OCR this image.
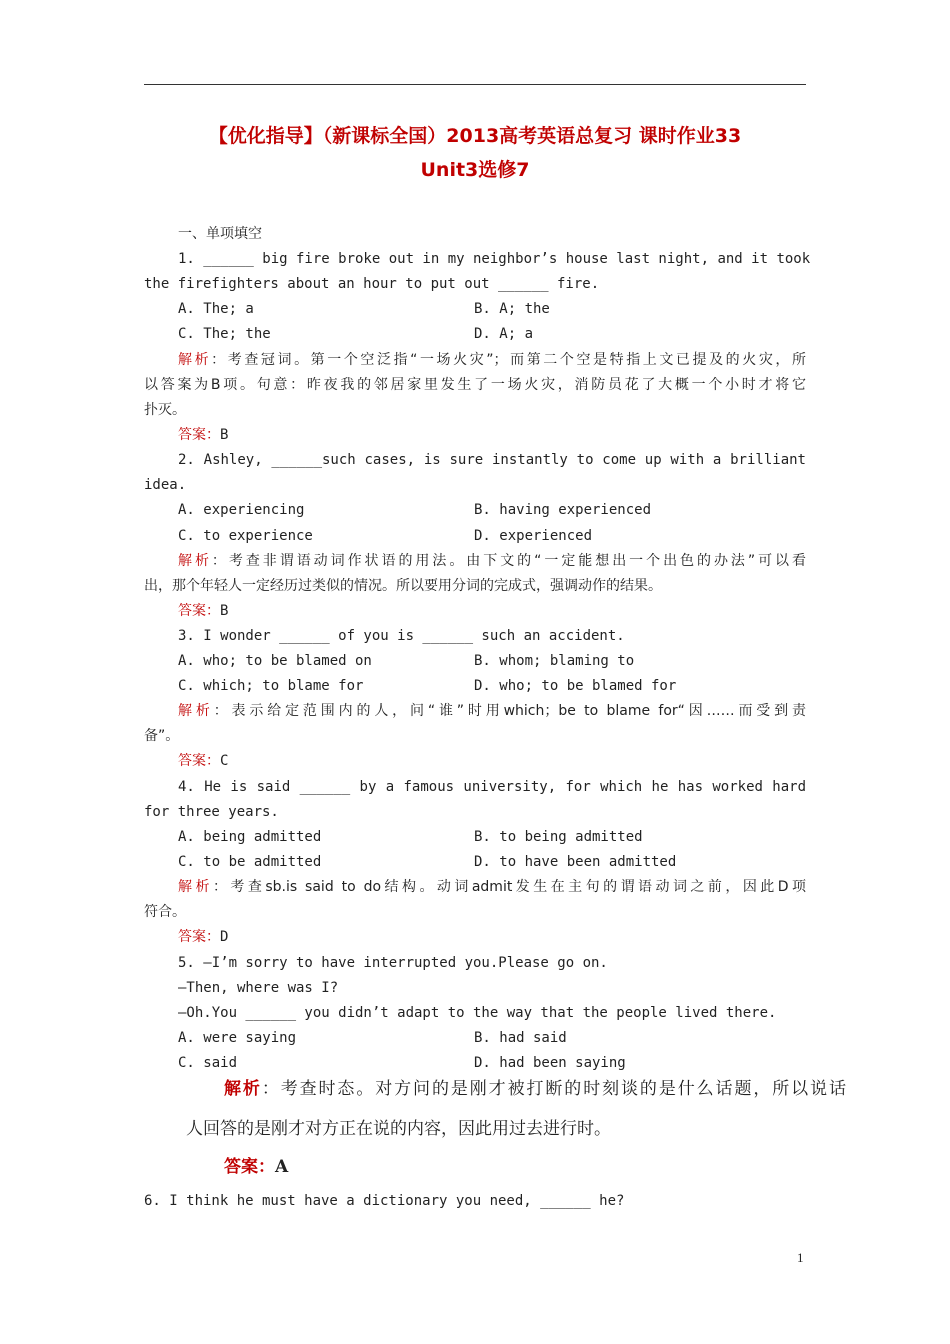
【优化指导】（新课标全国）2013高考英语总复习 课时作业33
Unit3选修7
一、单项填空
1. ______ big fire broke out in my neighbor’s house last night, and it took
the firefighters about an hour to put out ______ fire.
A. The; a	B. A; the
C. The; the	D. A; a
解析：考查冠词。第一个空泛指“一场火灾”；而第二个空是特指上文已提及的火灾，所
以答案为B项。句意：昨夜我的邻居家里发生了一场火灾，消防员花了大概一个小时才将它
扑灭。
答案：B
2. Ashley, ______such cases, is sure instantly to come up with a brilliant
idea.
A. experiencing	B. having experienced
C. to experience	D. experienced
解析：考查非谓语动词作状语的用法。由下文的“一定能想出一个出色的办法”可以看
出，那个年轻人一定经历过类似的情况。所以要用分词的完成式，强调动作的结果。
答案：B
3. I wonder ______ of you is ______ such an accident.
A. who; to be blamed on	B. whom; blaming to
C. which; to blame for	D. who; to be blamed for
解析：表示给定范围内的人，问“谁”时用which；be to blame for“因……而受到责
备”。
答案：C
4. He is said ______ by a famous university, for which he has worked hard
for three years.
A. being admitted	B. to being admitted
C. to be admitted	D. to have been admitted
解析：考查sb.is said to do结构。动词admit发生在主句的谓语动词之前，因此D项
符合。
答案：D
5. —I’m sorry to have interrupted you.Please go on.
—Then, where was I?
—Oh.You ______ you didn’t adapt to the way that the people lived there.
A. were saying	B. had said
C. said	D. had been saying
解析：考查时态。对方问的是刚才被打断的时刻谈的是什么话题，所以说话
人回答的是刚才对方正在说的内容，因此用过去进行时。
答案：A
6. I think he must have a dictionary you need, ______ he?
1
